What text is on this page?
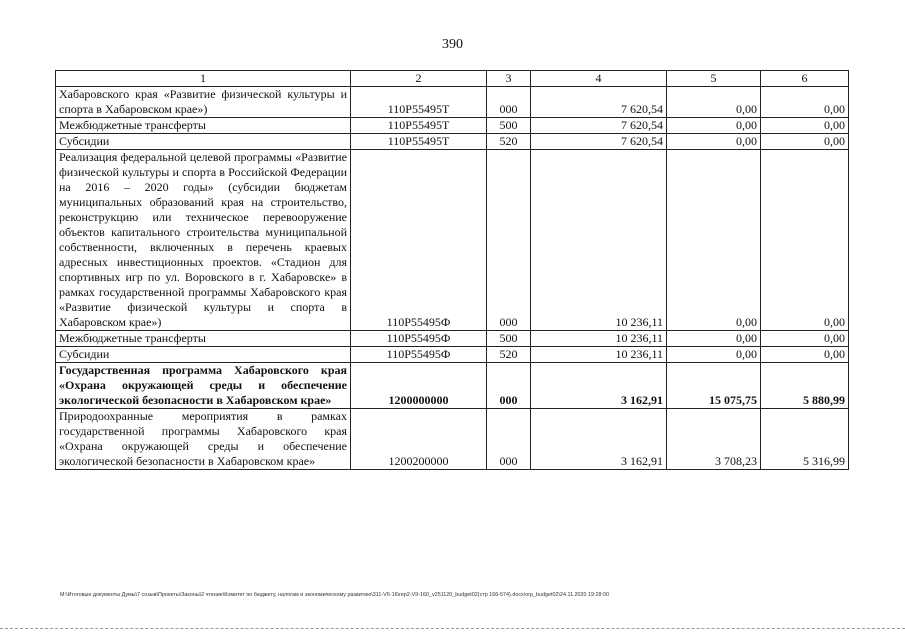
390
1	2	3	4	5	6
Хабаровского края «Развитие физической культуры и спорта в Хабаровском крае»)	110P55495Т	000	7 620,54	0,00	0,00
Межбюджетные трансферты	110P55495Т	500	7 620,54	0,00	0,00
Субсидии	110P55495Т	520	7 620,54	0,00	0,00
Реализация федеральной целевой программы «Развитие физической культуры и спорта в Российской Федерации на 2016 – 2020 годы» (субсидии бюджетам муниципальных образований края на строительство, реконструкцию или техническое перевооружение объектов капитального строительства муниципальной собственности, включенных в перечень краевых адресных инвестиционных проектов. «Стадион для спортивных игр по ул. Воровского в г. Хабаровске» в рамках государственной программы Хабаровского края «Развитие физической культуры и спорта в Хабаровском крае»)	110P55495Ф	000	10 236,11	0,00	0,00
Межбюджетные трансферты	110P55495Ф	500	10 236,11	0,00	0,00
Субсидии	110P55495Ф	520	10 236,11	0,00	0,00
Государственная программа Хабаровского края «Охрана окружающей среды и обеспечение экологической безопасности в Хабаровском крае»	1200000000	000	3 162,91	15 075,75	5 880,99
Природоохранные мероприятия в рамках государственной программы Хабаровского края «Охрана окружающей среды и обеспечение экологической безопасности в Хабаровском крае»	1200200000	000	3 162,91	3 708,23	5 316,99
M:\Итоговые документы Думы\7 созыв\Проекты\Законы\2 чтение\Комитет по бюджету, налогам и экономическому развитию\311-VII-16\rep2-VII-160_v251120_budget02(стр 166-574).docx\orp_budget02\24.11.2020 19:28:00
